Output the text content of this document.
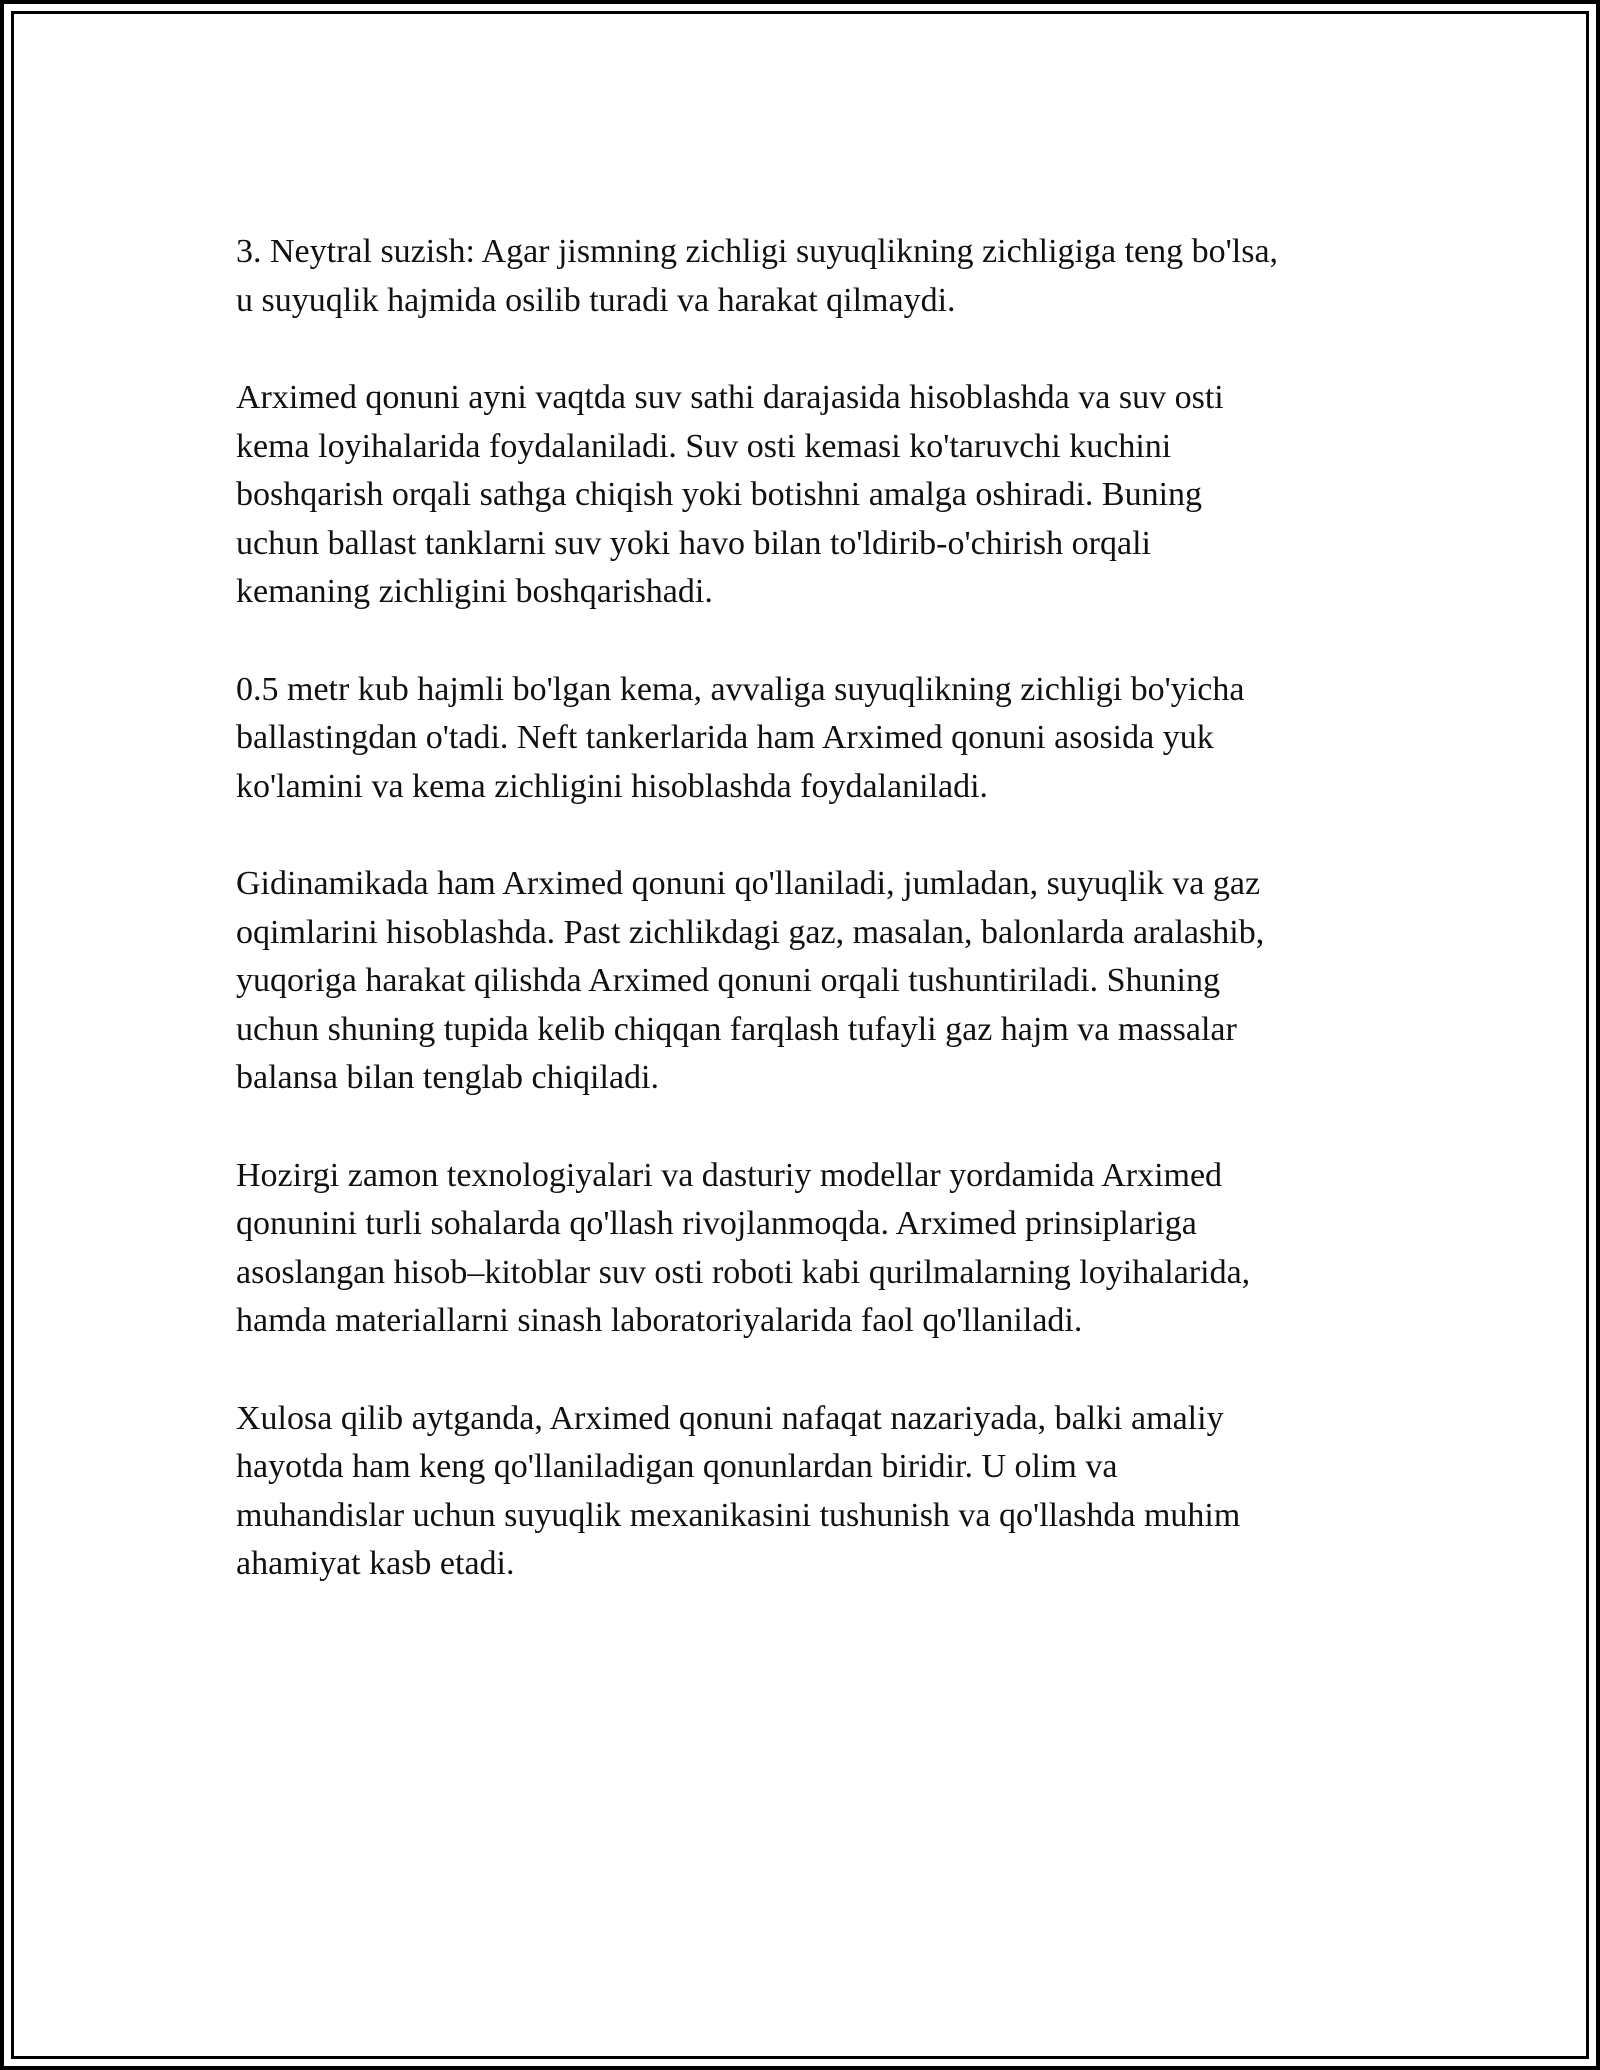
3. Neytral suzish: Agar jismning zichligi suyuqlikning zichligiga teng bo'lsa,
u suyuqlik hajmida osilib turadi va harakat qilmaydi.

Arximed qonuni ayni vaqtda suv sathi darajasida hisoblashda va suv osti
kema loyihalarida foydalaniladi. Suv osti kemasi ko'taruvchi kuchini
boshqarish orqali sathga chiqish yoki botishni amalga oshiradi. Buning
uchun ballast tanklarni suv yoki havo bilan to'ldirib-o'chirish orqali
kemaning zichligini boshqarishadi.

0.5 metr kub hajmli bo'lgan kema, avvaliga suyuqlikning zichligi bo'yicha
ballastingdan o'tadi. Neft tankerlarida ham Arximed qonuni asosida yuk
ko'lamini va kema zichligini hisoblashda foydalaniladi.

Gidinamikada ham Arximed qonuni qo'llaniladi, jumladan, suyuqlik va gaz
oqimlarini hisoblashda. Past zichlikdagi gaz, masalan, balonlarda aralashib,
yuqoriga harakat qilishda Arximed qonuni orqali tushuntiriladi. Shuning
uchun shuning tupida kelib chiqqan farqlash tufayli gaz hajm va massalar
balansa bilan tenglab chiqiladi.

Hozirgi zamon texnologiyalari va dasturiy modellar yordamida Arximed
qonunini turli sohalarda qo'llash rivojlanmoqda. Arximed prinsiplariga
asoslangan hisob–kitoblar suv osti roboti kabi qurilmalarning loyihalarida,
hamda materiallarni sinash laboratoriyalarida faol qo'llaniladi.

Xulosa qilib aytganda, Arximed qonuni nafaqat nazariyada, balki amaliy
hayotda ham keng qo'llaniladigan qonunlardan biridir. U olim va
muhandislar uchun suyuqlik mexanikasini tushunish va qo'llashda muhim
ahamiyat kasb etadi.
